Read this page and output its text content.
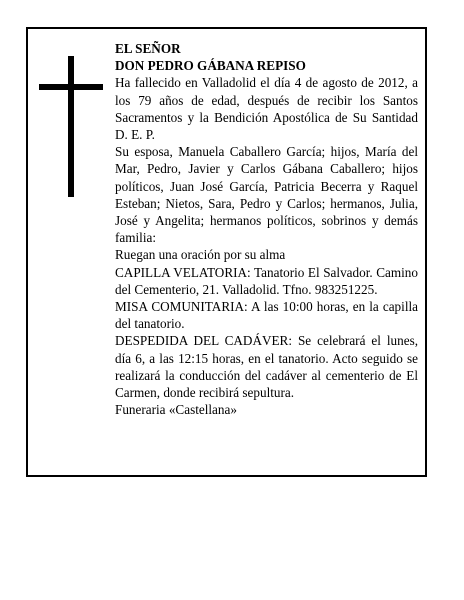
EL SEÑOR

DON PEDRO GÁBANA REPISO

Ha fallecido en Valladolid el día 4 de agosto de 2012, a los 79 años de edad, después de recibir los Santos Sacramentos y la Bendición Apostólica de Su Santidad D. E. P.

Su esposa, Manuela Caballero García; hijos, María del Mar, Pedro, Javier y Carlos Gábana Caballero; hijos políticos, Juan José García, Patricia Becerra y Raquel Esteban; Nietos, Sara, Pedro y Carlos; hermanos, Julia, José y Angelita; hermanos políticos, sobrinos y demás familia:

Ruegan una oración por su alma

CAPILLA VELATORIA: Tanatorio El Salvador. Camino del Cementerio, 21. Valladolid. Tfno. 983251225.

MISA COMUNITARIA: A las 10:00 horas, en la capilla del tanatorio.

DESPEDIDA DEL CADÁVER: Se celebrará el lunes, día 6, a las 12:15 horas, en el tanatorio. Acto seguido se realizará la conducción del cadáver al cementerio de El Carmen, donde recibirá sepultura.

Funeraria «Castellana»
